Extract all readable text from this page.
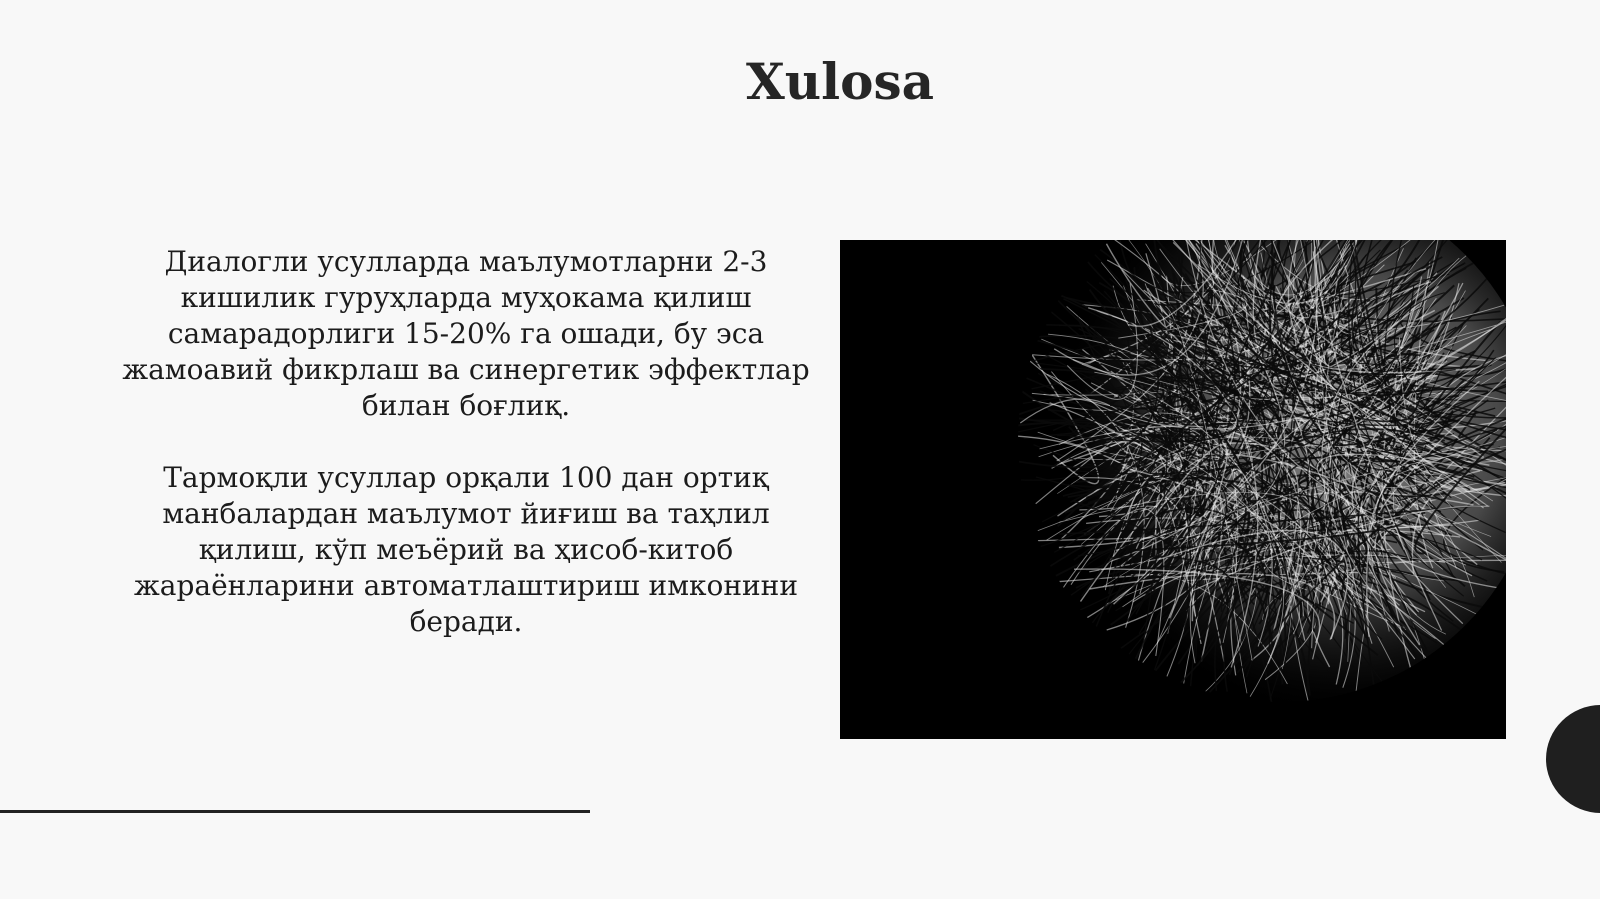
Xulosa

Диалогли усулларда маълумотларни 2-3 кишилик гуруҳларда муҳокама қилиш самарадорлиги 15-20% га ошади, бу эса жамоавий фикрлаш ва синергетик эффектлар билан боғлиқ.

Тармоқли усуллар орқали 100 дан ортиқ манбалардан маълумот йиғиш ва таҳлил қилиш, кўп меъёрий ва ҳисоб-китоб жараёнларини автоматлаштириш имконини беради.
